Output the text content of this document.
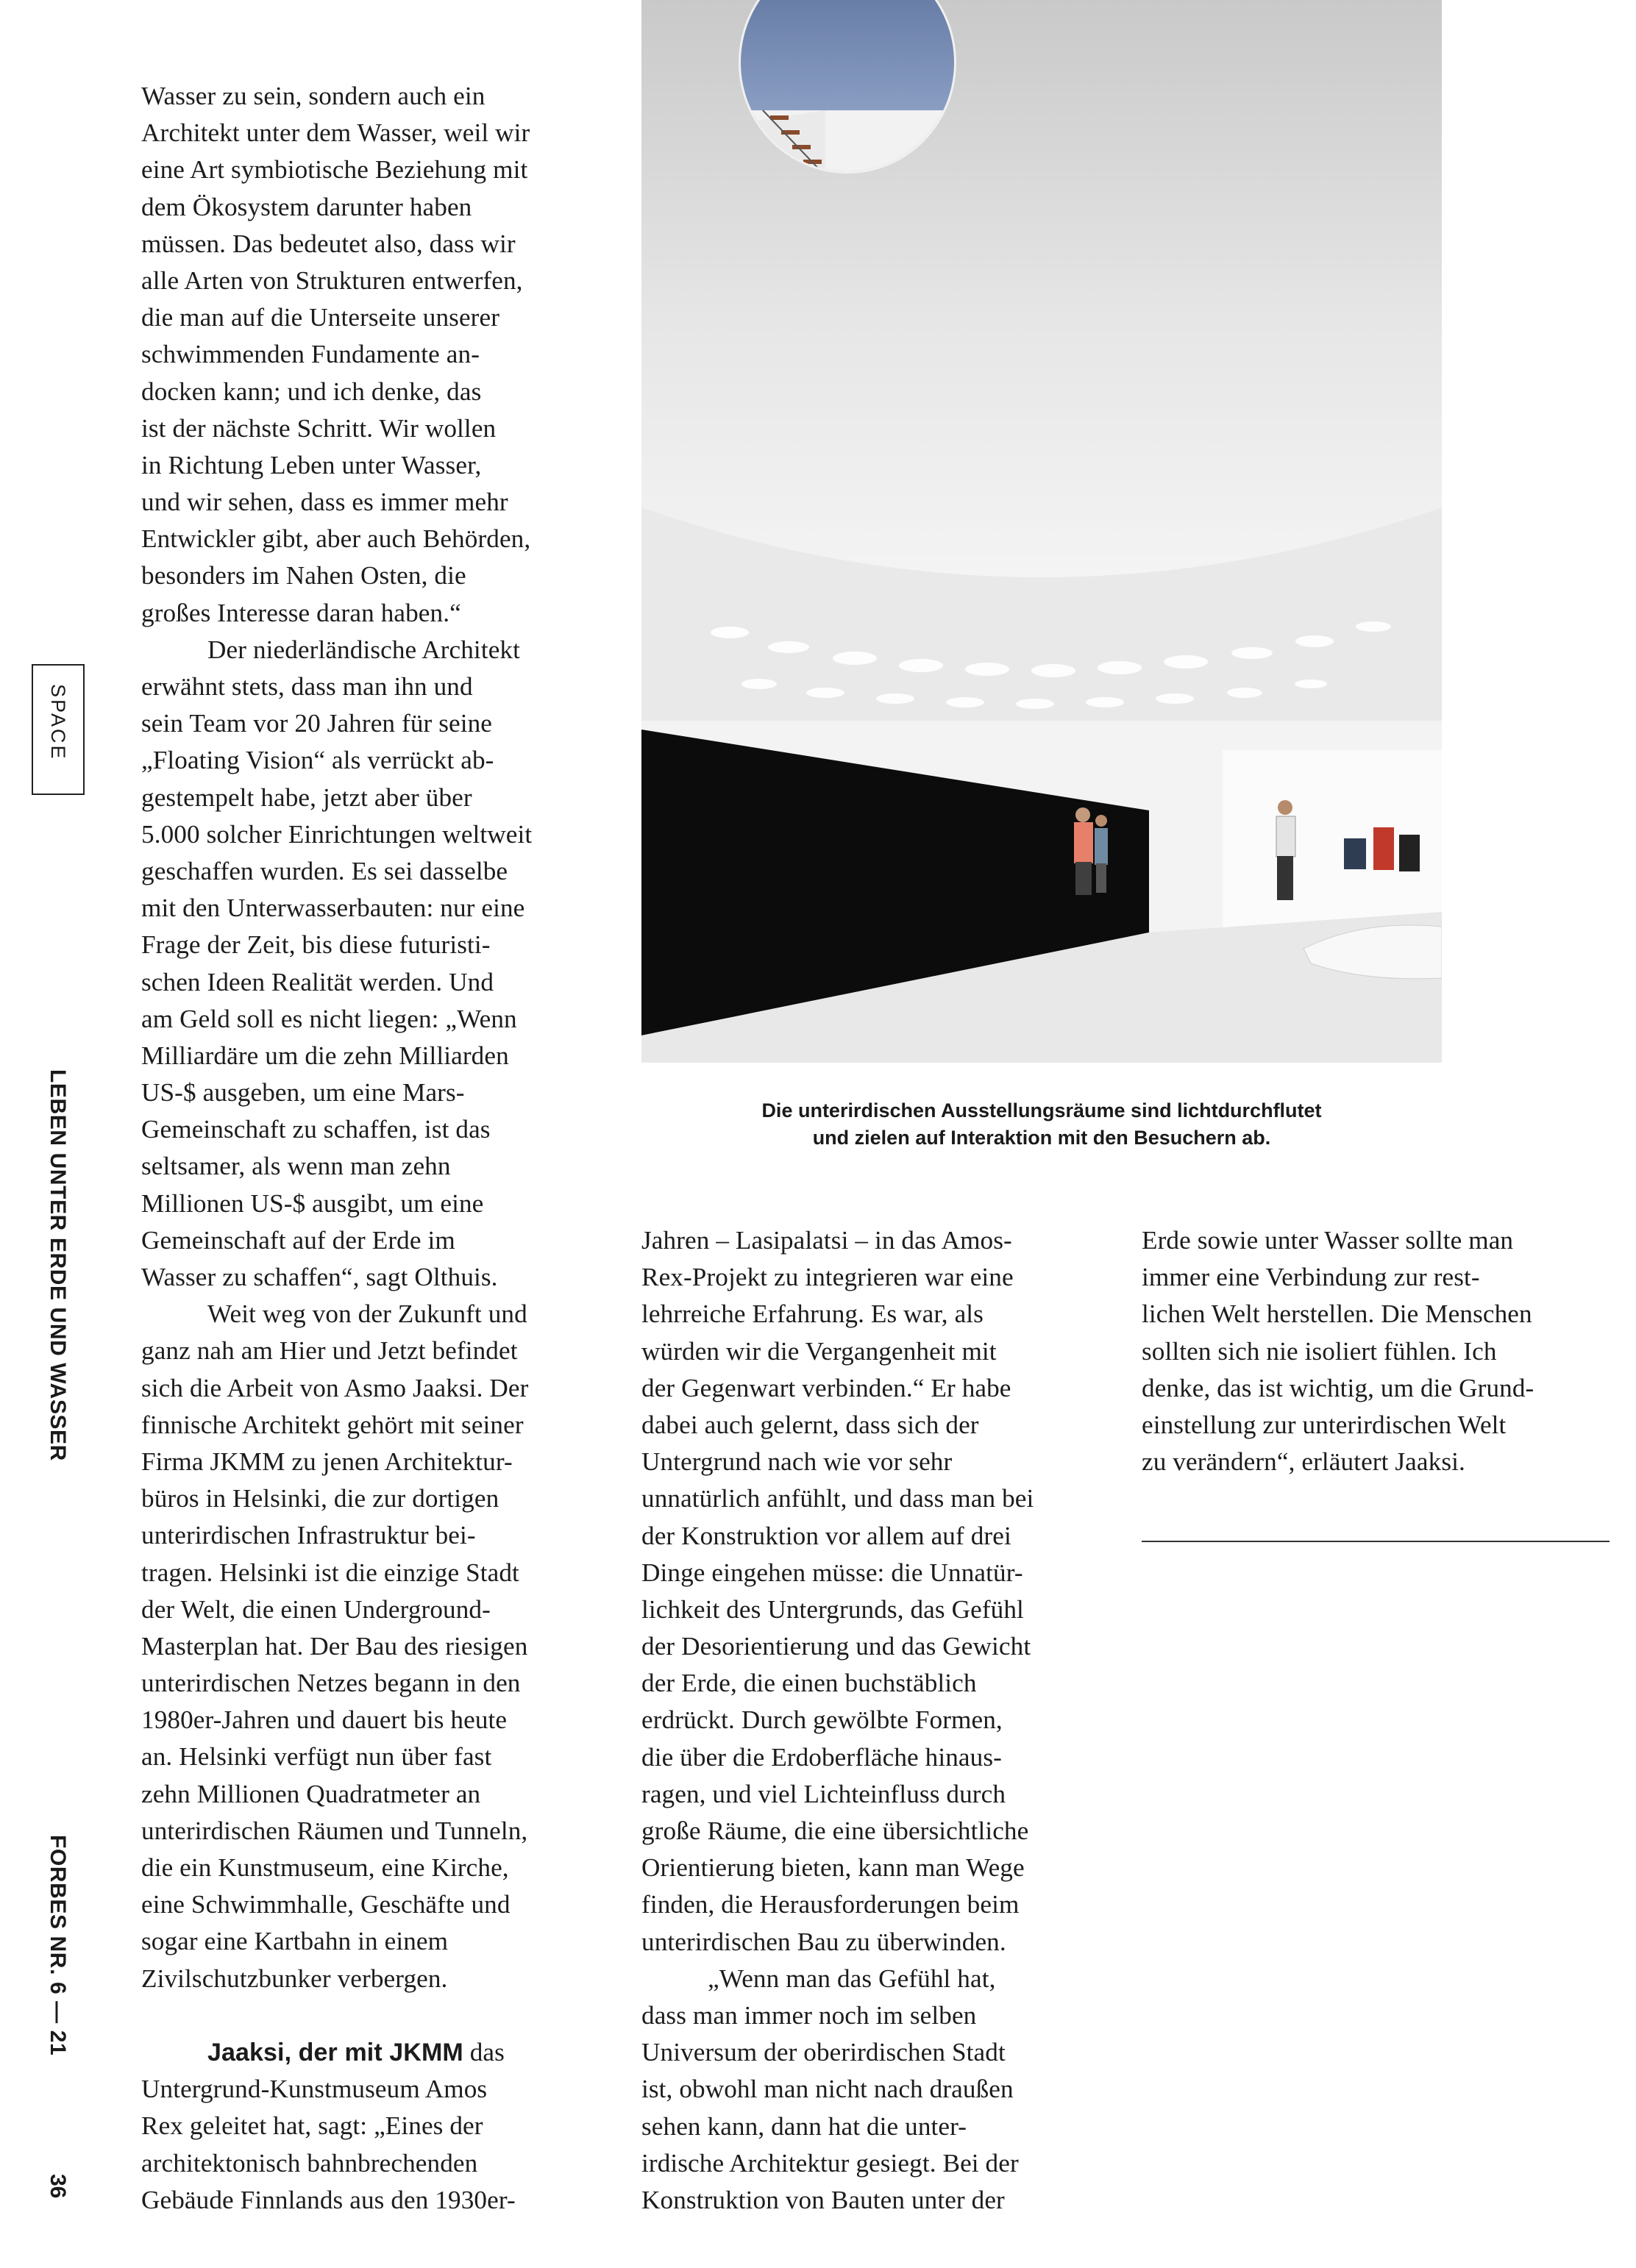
SPACE
LEBEN UNTER ERDE UND WASSER
FORBES NR. 6 — 21
36
Die unterirdischen Ausstellungsräume sind lichtdurchflutet
und zielen auf Interaktion mit den Besuchern ab.
Wasser zu sein, sondern auch ein
Architekt unter dem Wasser, weil wir
eine Art symbiotische Beziehung mit
dem Ökosystem darunter haben
müssen. Das bedeutet also, dass wir
alle Arten von Strukturen entwerfen,
die man auf die Unterseite unserer
schwimmenden Fundamente an-
docken kann; und ich denke, das
ist der nächste Schritt. Wir wollen
in Richtung Leben unter Wasser,
und wir sehen, dass es immer mehr
Entwickler gibt, aber auch Behörden,
besonders im Nahen Osten, die
großes Interesse daran haben.“
Der niederländische Architekt
erwähnt stets, dass man ihn und
sein Team vor 20 Jahren für seine
„Floating Vision“ als verrückt ab-
gestempelt habe, jetzt aber über
5.000 solcher Einrichtungen weltweit
geschaffen wurden. Es sei dasselbe
mit den Unterwasserbauten: nur eine
Frage der Zeit, bis diese futuristi-
schen Ideen Realität werden. Und
am Geld soll es nicht liegen: „Wenn
Milliardäre um die zehn Milliarden
US-$ ausgeben, um eine Mars-
Gemeinschaft zu schaffen, ist das
seltsamer, als wenn man zehn
Millionen US-$ ausgibt, um eine
Gemeinschaft auf der Erde im
Wasser zu schaffen“, sagt Olthuis.
Weit weg von der Zukunft und
ganz nah am Hier und Jetzt befindet
sich die Arbeit von Asmo Jaaksi. Der
finnische Architekt gehört mit seiner
Firma JKMM zu jenen Architektur-
büros in Helsinki, die zur dortigen
unterirdischen Infrastruktur bei-
tragen. Helsinki ist die einzige Stadt
der Welt, die einen Underground-
Masterplan hat. Der Bau des riesigen
unterirdischen Netzes begann in den
1980er-Jahren und dauert bis heute
an. Helsinki verfügt nun über fast
zehn Millionen Quadratmeter an
unterirdischen Räumen und Tunneln,
die ein Kunstmuseum, eine Kirche,
eine Schwimmhalle, Geschäfte und
sogar eine Kartbahn in einem
Zivilschutzbunker verbergen.
Jaaksi, der mit JKMM das
Untergrund-Kunstmuseum Amos
Rex geleitet hat, sagt: „Eines der
architektonisch bahnbrechenden
Gebäude Finnlands aus den 1930er-
Jahren – Lasipalatsi – in das Amos-
Rex-Projekt zu integrieren war eine
lehrreiche Erfahrung. Es war, als
würden wir die Vergangenheit mit
der Gegenwart verbinden.“ Er habe
dabei auch gelernt, dass sich der
Untergrund nach wie vor sehr
unnatürlich anfühlt, und dass man bei
der Konstruktion vor allem auf drei
Dinge eingehen müsse: die Unnatür-
lichkeit des Untergrunds, das Gefühl
der Desorientierung und das Gewicht
der Erde, die einen buchstäblich
erdrückt. Durch gewölbte Formen,
die über die Erdoberfläche hinaus-
ragen, und viel Lichteinfluss durch
große Räume, die eine übersichtliche
Orientierung bieten, kann man Wege
finden, die Herausforderungen beim
unterirdischen Bau zu überwinden.
„Wenn man das Gefühl hat,
dass man immer noch im selben
Universum der oberirdischen Stadt
ist, obwohl man nicht nach draußen
sehen kann, dann hat die unter-
irdische Architektur gesiegt. Bei der
Konstruktion von Bauten unter der
Erde sowie unter Wasser sollte man
immer eine Verbindung zur rest-
lichen Welt herstellen. Die Menschen
sollten sich nie isoliert fühlen. Ich
denke, das ist wichtig, um die Grund-
einstellung zur unterirdischen Welt
zu verändern“, erläutert Jaaksi.
